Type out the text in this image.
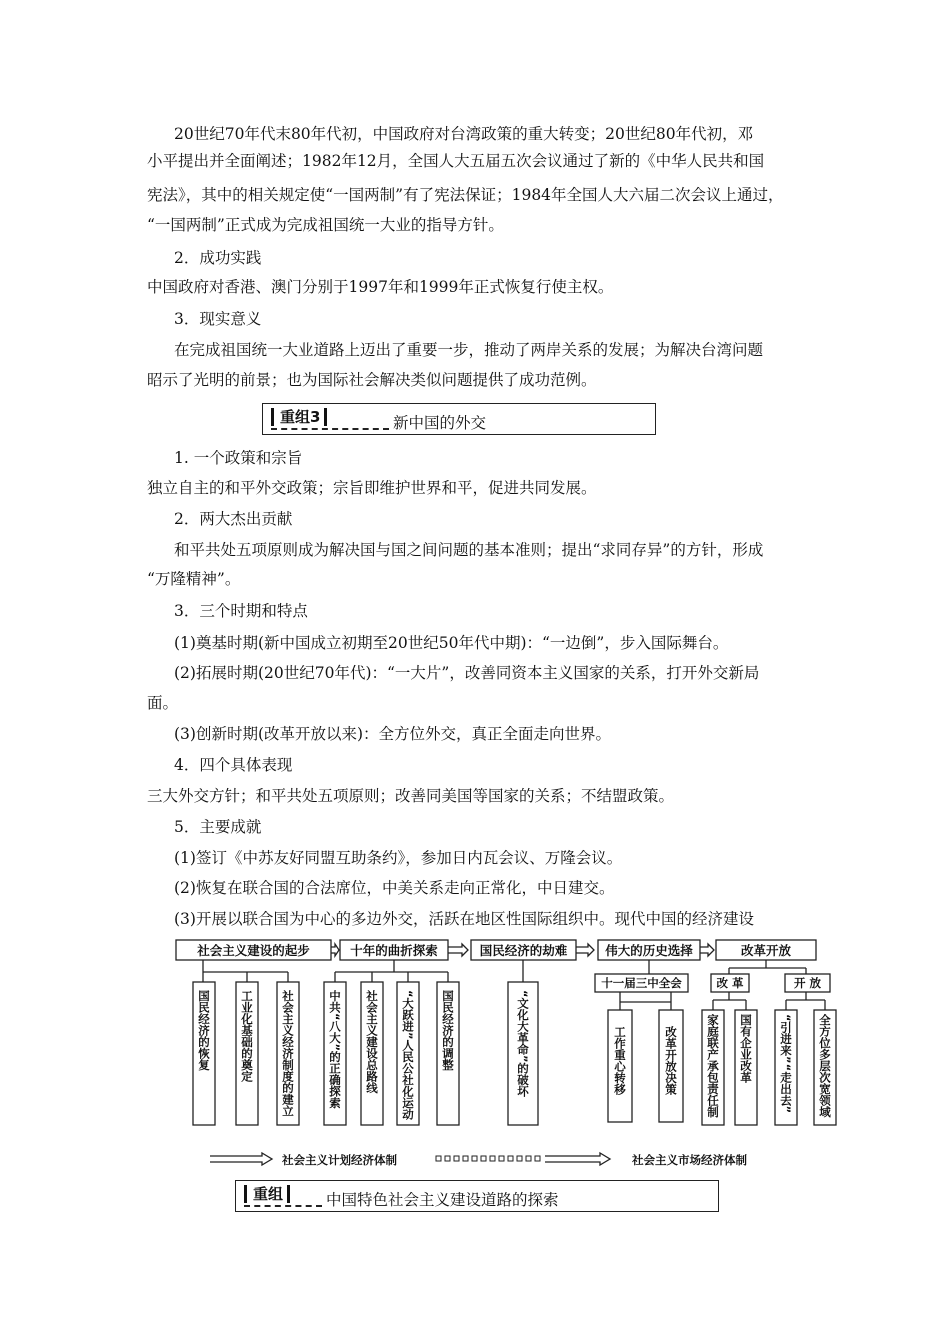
20世纪70年代末80年代初，中国政府对台湾政策的重大转变；20世纪80年代初，邓
小平提出并全面阐述；1982年12月，全国人大五届五次会议通过了新的《中华人民共和国
宪法》，其中的相关规定使“一国两制”有了宪法保证；1984年全国人大六届二次会议上通过，
“一国两制”正式成为完成祖国统一大业的指导方针。
2．成功实践
中国政府对香港、澳门分别于1997年和1999年正式恢复行使主权。
3．现实意义
在完成祖国统一大业道路上迈出了重要一步，推动了两岸关系的发展；为解决台湾问题
昭示了光明的前景；也为国际社会解决类似问题提供了成功范例。
重组3	新中国的外交
1. 一个政策和宗旨
独立自主的和平外交政策；宗旨即维护世界和平，促进共同发展。
2．两大杰出贡献
和平共处五项原则成为解决国与国之间问题的基本准则；提出“求同存异”的方针，形成
“万隆精神”。
3．三个时期和特点
(1)奠基时期(新中国成立初期至20世纪50年代中期)：“一边倒”，步入国际舞台。
(2)拓展时期(20世纪70年代)：“一大片”，改善同资本主义国家的关系，打开外交新局
面。
(3)创新时期(改革开放以来)：全方位外交，真正全面走向世界。
4．四个具体表现
三大外交方针；和平共处五项原则；改善同美国等国家的关系；不结盟政策。
5．主要成就
(1)签订《中苏友好同盟互助条约》，参加日内瓦会议、万隆会议。
(2)恢复在联合国的合法席位，中美关系走向正常化，中日建交。
(3)开展以联合国为中心的多边外交，活跃在地区性国际组织中。现代中国的经济建设
社会主义建设的起步	十年的曲折探索	国民经济的劫难	伟大的历史选择	改革开放
十一届三中全会	改 革	开 放
国民经济的恢复	工业化基础的奠定 社会主义经济制度的建立	中共“八大”的正确探索 社会主义建设总路线 “大跃进”人民公社化运动 国民经济的调整	“文化大革命”的破坏	工作重心转移	改革开放决策 家庭联产承包责任制 国有企业改革 “引进来”“走出去” 全方位多层次宽领域
社会主义计划经济体制	社会主义市场经济体制
重组	中国特色社会主义建设道路的探索
